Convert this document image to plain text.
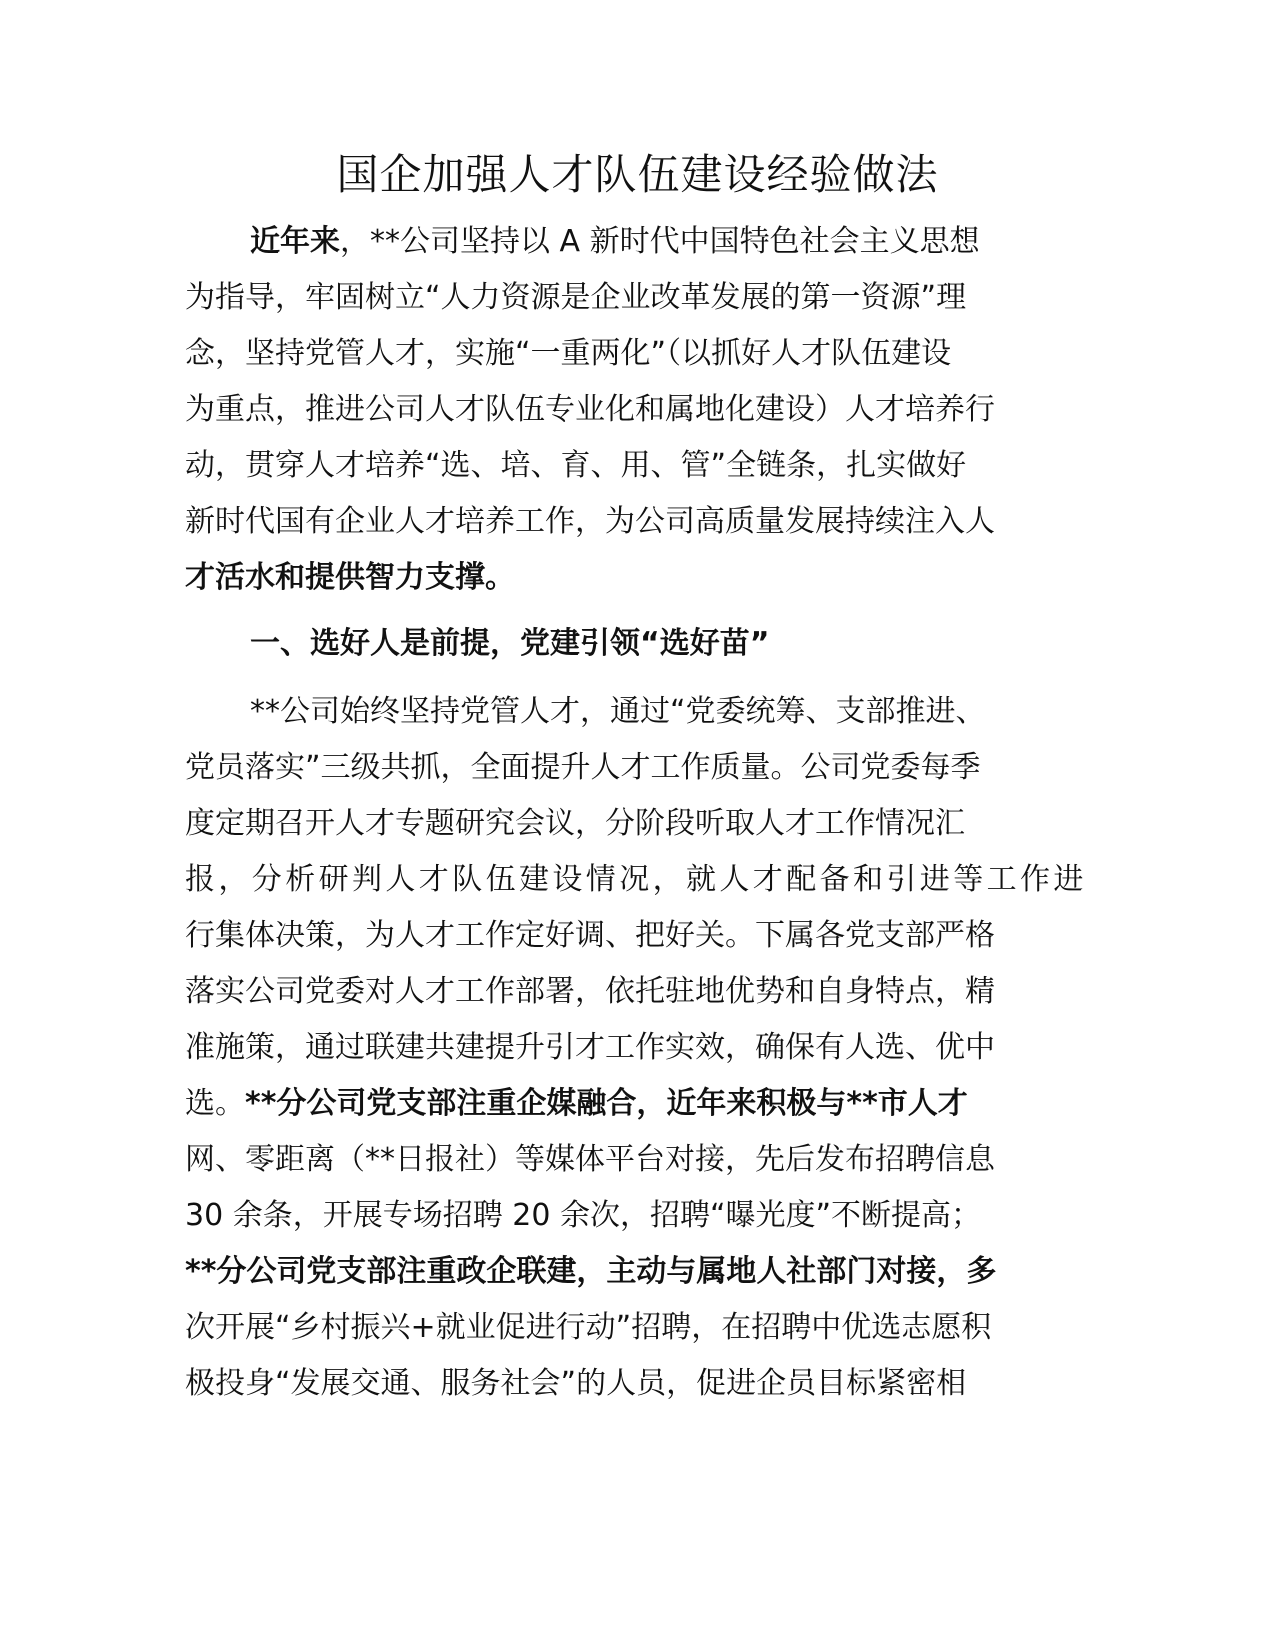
国企加强人才队伍建设经验做法

近年来，**公司坚持以 A 新时代中国特色社会主义思想

为指导，牢固树立“人力资源是企业改革发展的第一资源”理

念，坚持党管人才，实施“一重两化”（以抓好人才队伍建设

为重点，推进公司人才队伍专业化和属地化建设）人才培养行

动，贯穿人才培养“选、培、育、用、管”全链条，扎实做好

新时代国有企业人才培养工作，为公司高质量发展持续注入人

才活水和提供智力支撑。

一、选好人是前提，党建引领“选好苗”

**公司始终坚持党管人才，通过“党委统筹、支部推进、

党员落实”三级共抓，全面提升人才工作质量。公司党委每季

度定期召开人才专题研究会议，分阶段听取人才工作情况汇

报，分析研判人才队伍建设情况，就人才配备和引进等工作进

行集体决策，为人才工作定好调、把好关。下属各党支部严格

落实公司党委对人才工作部署，依托驻地优势和自身特点，精

准施策，通过联建共建提升引才工作实效，确保有人选、优中

选。**分公司党支部注重企媒融合，近年来积极与**市人才

网、零距离（**日报社）等媒体平台对接，先后发布招聘信息

30 余条，开展专场招聘 20 余次，招聘“曝光度”不断提高；

**分公司党支部注重政企联建，主动与属地人社部门对接，多

次开展“乡村振兴+就业促进行动”招聘，在招聘中优选志愿积

极投身“发展交通、服务社会”的人员，促进企员目标紧密相
